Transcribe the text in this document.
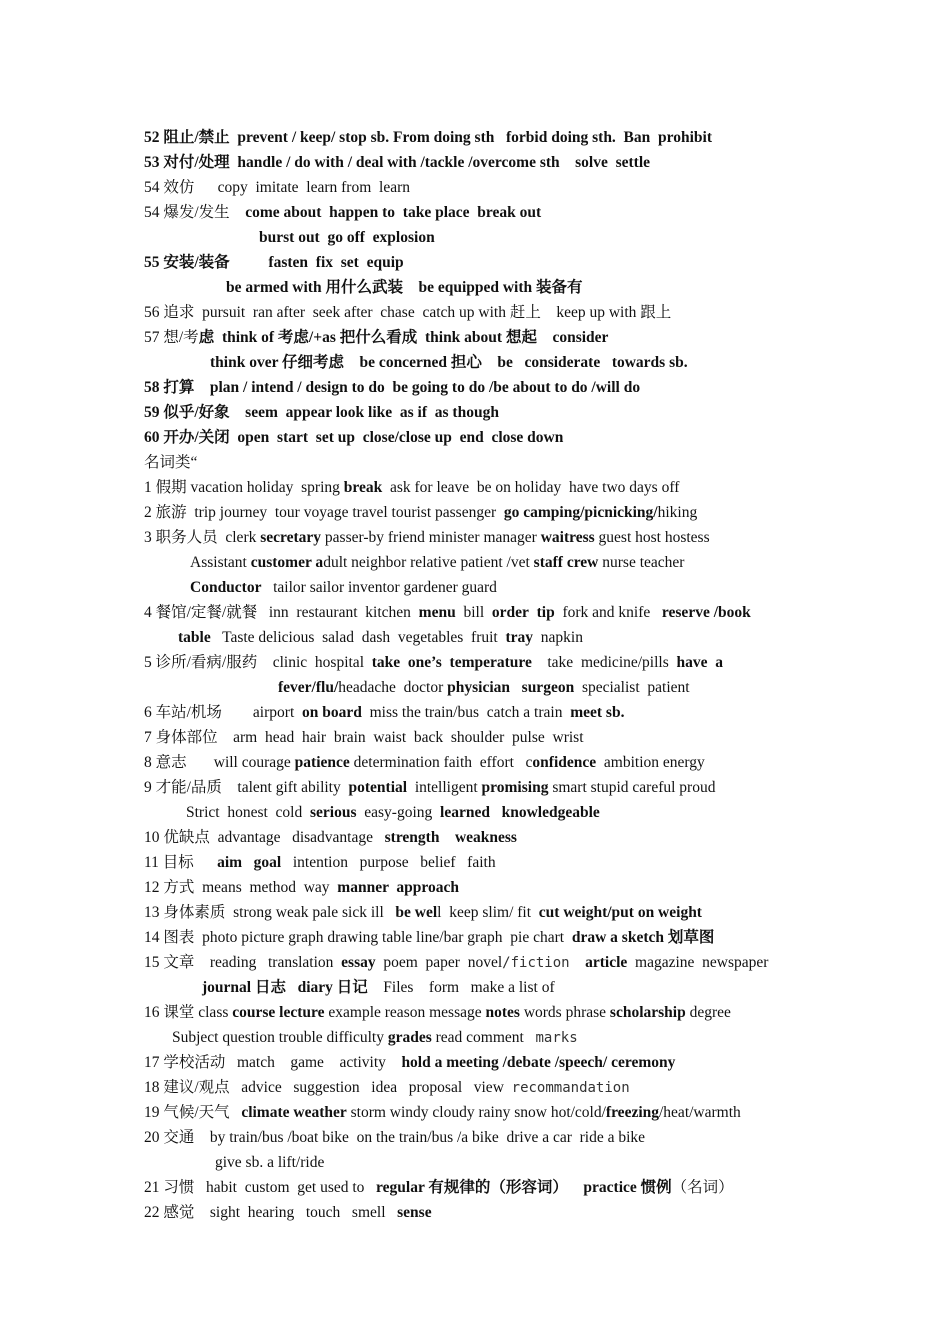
52 阻止/禁止  prevent / keep/ stop sb. From doing sth   forbid doing sth.  Ban  prohibit
53 对付/处理  handle / do with / deal with /tackle /overcome sth    solve  settle
54 效仿      copy  imitate  learn from  learn
54 爆发/发生    come about  happen to  take place  break out
burst out  go off  explosion
55 安装/装备          fasten  fix  set  equip
be armed with 用什么武装    be equipped with 装备有
56 追求  pursuit  ran after  seek after  chase  catch up with 赶上    keep up with 跟上
57 想/考虑  think of 考虑/+as 把什么看成  think about 想起    consider
think over 仔细考虑    be concerned 担心    be   considerate   towards sb.
58 打算    plan / intend / design to do  be going to do /be about to do /will do
59 似乎/好象    seem  appear look like  as if  as though
60 开办/关闭  open  start  set up  close/close up  end  close down
名词类“
1 假期 vacation holiday  spring break  ask for leave  be on holiday  have two days off
2 旅游  trip journey  tour voyage travel tourist passenger  go camping/picnicking/hiking
3 职务人员  clerk secretary passer-by friend minister manager waitress guest host hostess
Assistant customer adult neighbor relative patient /vet staff crew nurse teacher
Conductor   tailor sailor inventor gardener guard
4 餐馆/定餐/就餐   inn  restaurant  kitchen  menu  bill  order tip  fork and knife   reserve /book
table   Taste delicious  salad  dash  vegetables  fruit  tray  napkin
5 诊所/看病/服药    clinic  hospital  take  one’s  temperature    take  medicine/pills  have  a
fever/flu/headache  doctor physician surgeon  specialist  patient
6 车站/机场        airport  on board  miss the train/bus  catch a train  meet sb.
7 身体部位    arm  head  hair  brain  waist  back  shoulder  pulse  wrist
8 意志       will courage patience determination faith  effort   confidence  ambition energy
9 才能/品质    talent gift ability  potential  intelligent promising smart stupid careful proud
Strict  honest  cold  serious  easy-going  learned knowledgeable
10 优缺点  advantage   disadvantage   strength    weakness
11 目标      aim   goal   intention   purpose   belief   faith
12 方式  means  method  way  manner  approach
13 身体素质  strong weak pale sick ill   be well  keep slim/ fit  cut weight/put on weight
14 图表  photo picture graph drawing table line/bar graph  pie chart  draw a sketch 划草图
15 文章    reading   translation  essay  poem  paper  novel/fiction article  magazine  newspaper
journal 日志   diary 日记    Files    form   make a list of
16 课堂 class course lecture example reason message notes words phrase scholarship degree
Subject question trouble difficulty grades read comment   marks
17 学校活动   match    game    activity    hold a meeting /debate /speech/ ceremony
18 建议/观点   advice   suggestion   idea   proposal   view  recommandation
19 气候/天气   climate weather storm windy cloudy rainy snow hot/cold/freezing/heat/warmth
20 交通    by train/bus /boat bike  on the train/bus /a bike  drive a car  ride a bike
give sb. a lift/ride
21 习惯   habit  custom  get used to   regular 有规律的（形容词）    practice 惯例（名词）
22 感觉    sight  hearing   touch   smell   sense
